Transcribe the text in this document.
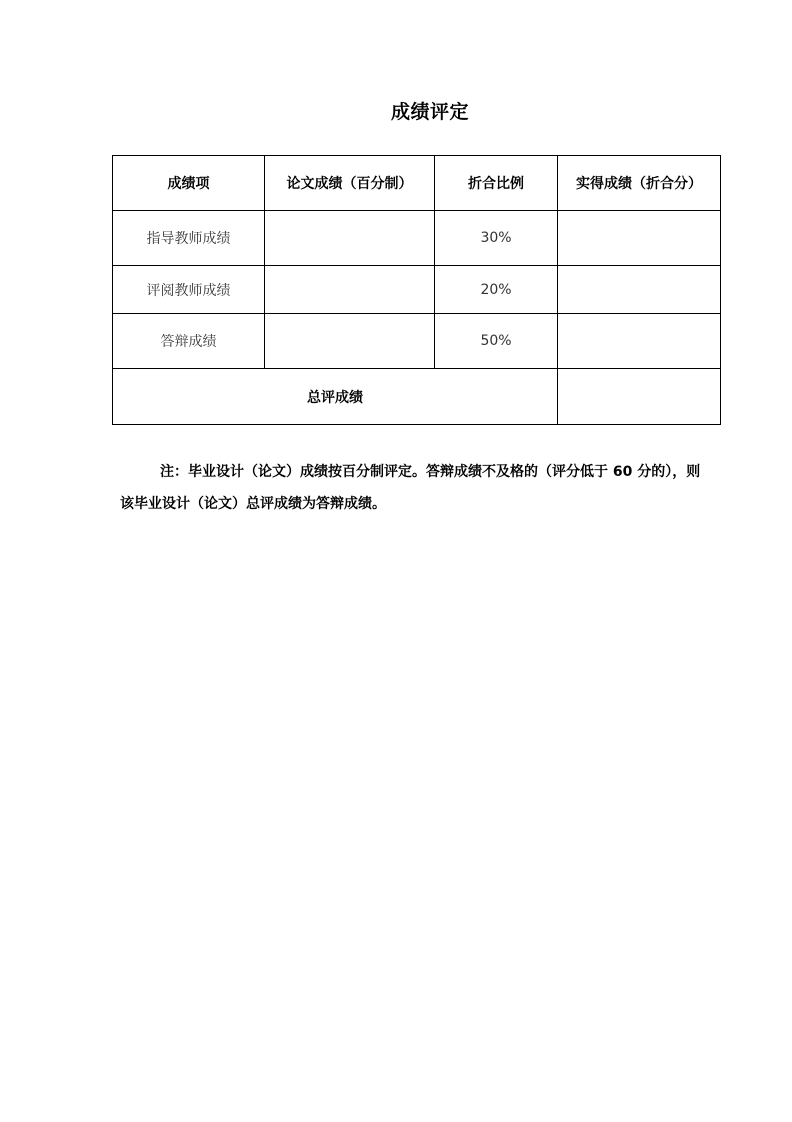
成绩评定
成绩项	论文成绩（百分制）	折合比例	实得成绩（折合分）
指导教师成绩		30%	
评阅教师成绩		20%	
答辩成绩		50%	
总评成绩			

注：毕业设计（论文）成绩按百分制评定。答辩成绩不及格的（评分低于 60 分的），则该毕业设计（论文）总评成绩为答辩成绩。
